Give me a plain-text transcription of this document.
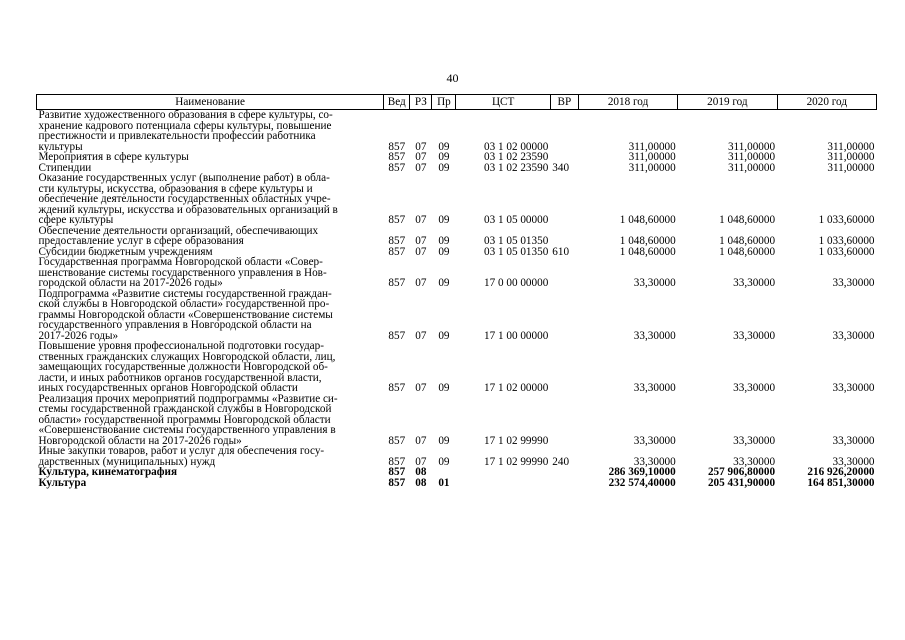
40
Наименование	Вед	РЗ	Пр	ЦСТ	ВР	2018 год	2019 год	2020 год

Развитие художественного образования в сфере культуры, со-
хранение кадрового потенциала сферы культуры, повышение
престижности и привлекательности профессии работника
культуры	857	07	09	03 1 02 00000		311,00000	311,00000	311,00000

Мероприятия в сфере культуры	857	07	09	03 1 02 23590		311,00000	311,00000	311,00000

Стипендии	857	07	09	03 1 02 23590	340	311,00000	311,00000	311,00000

Оказание государственных услуг (выполнение работ) в обла-
сти культуры, искусства, образования в сфере культуры и
обеспечение деятельности государственных областных учре-
ждений культуры, искусства и образовательных организаций в
сфере культуры	857	07	09	03 1 05 00000		1 048,60000	1 048,60000	1 033,60000

Обеспечение деятельности организаций, обеспечивающих
предоставление услуг в сфере образования	857	07	09	03 1 05 01350		1 048,60000	1 048,60000	1 033,60000

Субсидии бюджетным учреждениям	857	07	09	03 1 05 01350	610	1 048,60000	1 048,60000	1 033,60000

Государственная программа Новгородской области «Совер-
шенствование системы государственного управления в Нов-
городской области на 2017-2026 годы»	857	07	09	17 0 00 00000		33,30000	33,30000	33,30000

Подпрограмма «Развитие системы государственной граждан-
ской службы в Новгородской области» государственной про-
граммы Новгородской области «Совершенствование системы
государственного управления в Новгородской области на
2017-2026 годы»	857	07	09	17 1 00 00000		33,30000	33,30000	33,30000

Повышение уровня профессиональной подготовки государ-
ственных гражданских служащих Новгородской области, лиц,
замещающих государственные должности Новгородской об-
ласти, и иных работников органов государственной власти,
иных государственных органов Новгородской области	857	07	09	17 1 02 00000		33,30000	33,30000	33,30000

Реализация прочих мероприятий подпрограммы «Развитие си-
стемы государственной гражданской службы в Новгородской
области» государственной программы Новгородской области
«Совершенствование системы государственного управления в
Новгородской области на 2017-2026 годы»	857	07	09	17 1 02 99990		33,30000	33,30000	33,30000

Иные закупки товаров, работ и услуг для обеспечения госу-
дарственных (муниципальных) нужд	857	07	09	17 1 02 99990	240	33,30000	33,30000	33,30000

Культура, кинематография	857	08				286 369,10000	257 906,80000	216 926,20000

Культура	857	08	01			232 574,40000	205 431,90000	164 851,30000
